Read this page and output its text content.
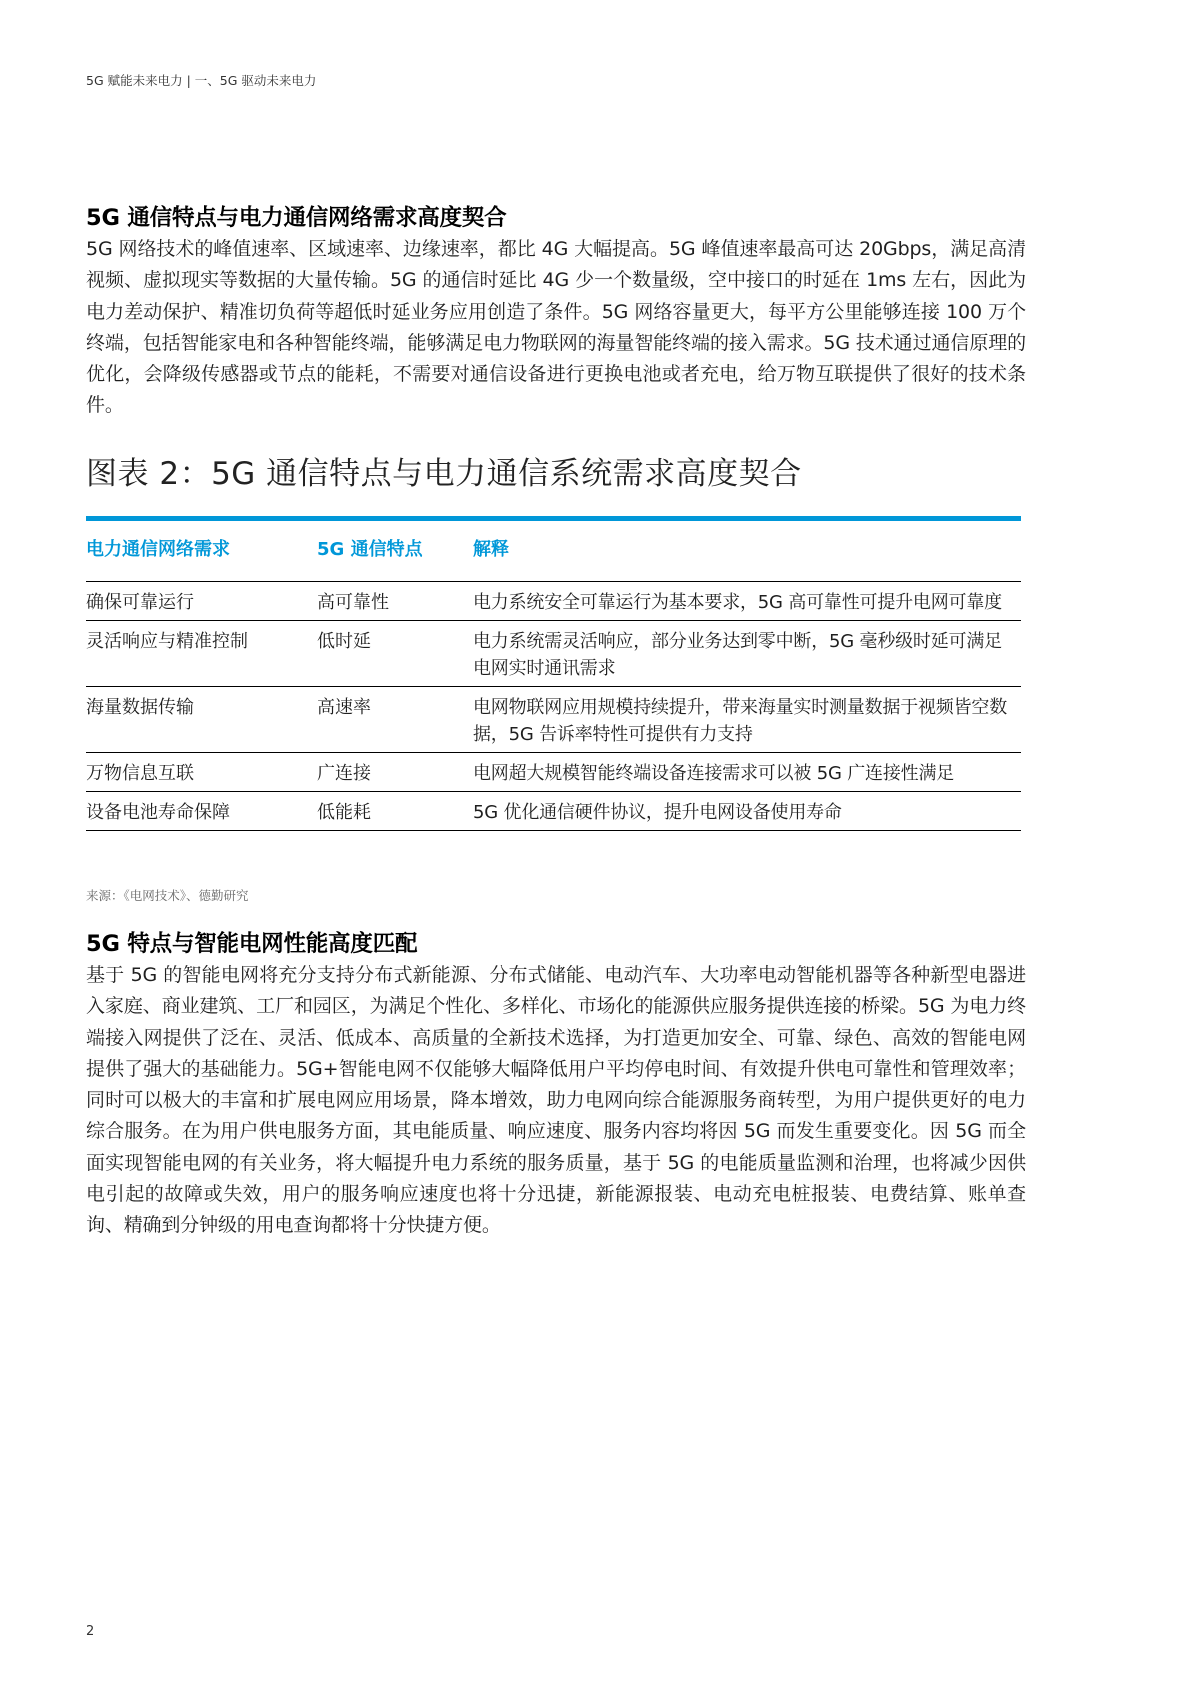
5G 赋能未来电力 | 一、5G 驱动未来电力
5G 通信特点与电力通信网络需求高度契合

5G 网络技术的峰值速率、区域速率、边缘速率，都比 4G 大幅提高。5G 峰值速率最高可达 20Gbps，满足高清视频、虚拟现实等数据的大量传输。5G 的通信时延比 4G 少一个数量级，空中接口的时延在 1ms 左右，因此为电力差动保护、精准切负荷等超低时延业务应用创造了条件。5G 网络容量更大，每平方公里能够连接 100 万个终端，包括智能家电和各种智能终端，能够满足电力物联网的海量智能终端的接入需求。5G 技术通过通信原理的优化，会降级传感器或节点的能耗，不需要对通信设备进行更换电池或者充电，给万物互联提供了很好的技术条件。

图表 2：5G 通信特点与电力通信系统需求高度契合
电力通信网络需求	5G 通信特点	解释
确保可靠运行	高可靠性	电力系统安全可靠运行为基本要求，5G 高可靠性可提升电网可靠度
灵活响应与精准控制	低时延	电力系统需灵活响应，部分业务达到零中断，5G 毫秒级时延可满足电网实时通讯需求
海量数据传输	高速率	电网物联网应用规模持续提升，带来海量实时测量数据于视频皆空数据，5G 告诉率特性可提供有力支持
万物信息互联	广连接	电网超大规模智能终端设备连接需求可以被 5G 广连接性满足
设备电池寿命保障	低能耗	5G 优化通信硬件协议，提升电网设备使用寿命
来源：《电网技术》、德勤研究
5G 特点与智能电网性能高度匹配

基于 5G 的智能电网将充分支持分布式新能源、分布式储能、电动汽车、大功率电动智能机器等各种新型电器进入家庭、商业建筑、工厂和园区，为满足个性化、多样化、市场化的能源供应服务提供连接的桥梁。5G 为电力终端接入网提供了泛在、灵活、低成本、高质量的全新技术选择，为打造更加安全、可靠、绿色、高效的智能电网提供了强大的基础能力。5G+智能电网不仅能够大幅降低用户平均停电时间、有效提升供电可靠性和管理效率；同时可以极大的丰富和扩展电网应用场景，降本增效，助力电网向综合能源服务商转型，为用户提供更好的电力综合服务。在为用户供电服务方面，其电能质量、响应速度、服务内容均将因 5G 而发生重要变化。因 5G 而全面实现智能电网的有关业务，将大幅提升电力系统的服务质量，基于 5G 的电能质量监测和治理，也将减少因供电引起的故障或失效，用户的服务响应速度也将十分迅捷，新能源报装、电动充电桩报装、电费结算、账单查询、精确到分钟级的用电查询都将十分快捷方便。

2
